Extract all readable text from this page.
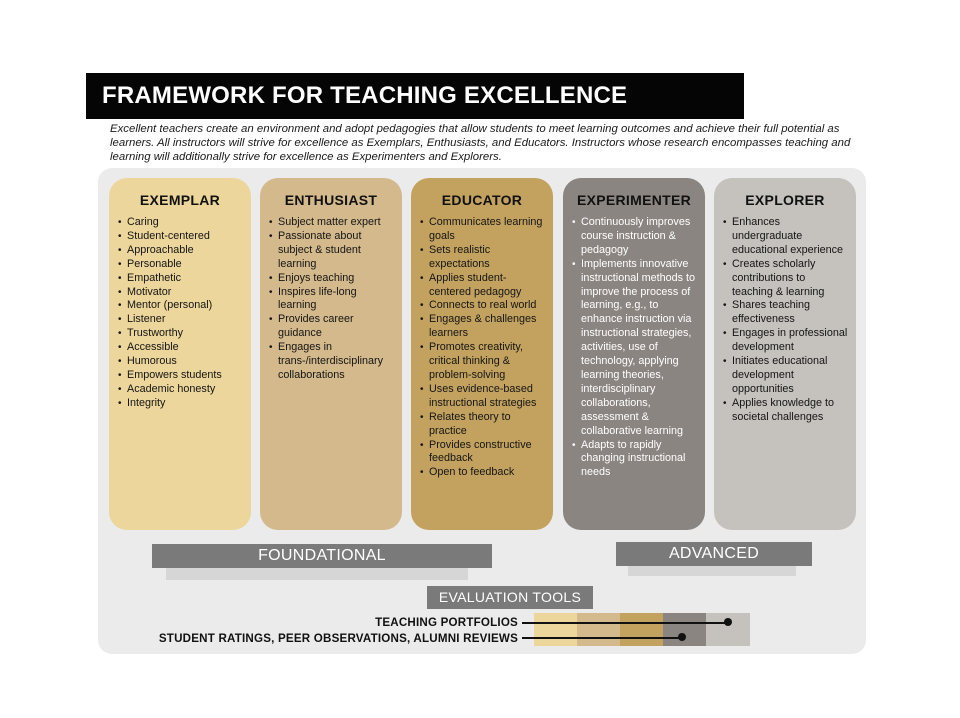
FRAMEWORK FOR TEACHING EXCELLENCE
Excellent teachers create an environment and adopt pedagogies that allow students to meet learning outcomes and achieve their full potential as learners. All instructors will strive for excellence as Exemplars, Enthusiasts, and Educators. Instructors whose research encompasses teaching and learning will additionally strive for excellence as Experimenters and Explorers.
EXEMPLAR
• Caring
• Student-centered
• Approachable
• Personable
• Empathetic
• Motivator
• Mentor (personal)
• Listener
• Trustworthy
• Accessible
• Humorous
• Empowers students
• Academic honesty
• Integrity
ENTHUSIAST
• Subject matter expert
• Passionate about subject & student learning
• Enjoys teaching
• Inspires life-long learning
• Provides career guidance
• Engages in trans-/interdisciplinary collaborations
EDUCATOR
• Communicates learning goals
• Sets realistic expectations
• Applies student-centered pedagogy
• Connects to real world
• Engages & challenges learners
• Promotes creativity, critical thinking & problem-solving
• Uses evidence-based instructional strategies
• Relates theory to practice
• Provides constructive feedback
• Open to feedback
EXPERIMENTER
• Continuously improves course instruction & pedagogy
• Implements innovative instructional methods to improve the process of learning, e.g., to enhance instruction via instructional strategies, activities, use of technology, applying learning theories, interdisciplinary collaborations, assessment & collaborative learning
• Adapts to rapidly changing instructional needs
EXPLORER
• Enhances undergraduate educational experience
• Creates scholarly contributions to teaching & learning
• Shares teaching effectiveness
• Engages in professional development
• Initiates educational development opportunities
• Applies knowledge to societal challenges
FOUNDATIONAL	ADVANCED
EVALUATION TOOLS
TEACHING PORTFOLIOS
STUDENT RATINGS, PEER OBSERVATIONS, ALUMNI REVIEWS
